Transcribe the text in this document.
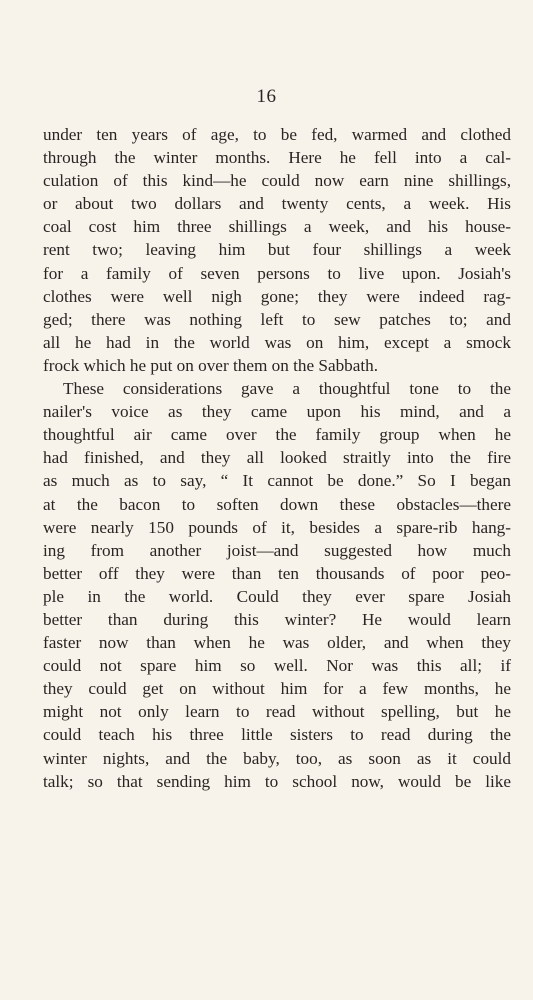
16
under ten years of age, to be fed, warmed and clothed
through the winter months. Here he fell into a cal-
culation of this kind—he could now earn nine shillings,
or about two dollars and twenty cents, a week. His
coal cost him three shillings a week, and his house-
rent two; leaving him but four shillings a week
for a family of seven persons to live upon. Josiah's
clothes were well nigh gone; they were indeed rag-
ged; there was nothing left to sew patches to; and
all he had in the world was on him, except a smock
frock which he put on over them on the Sabbath.
These considerations gave a thoughtful tone to the
nailer's voice as they came upon his mind, and a
thoughtful air came over the family group when he
had finished, and they all looked straitly into the fire
as much as to say, “ It cannot be done.” So I began
at the bacon to soften down these obstacles—there
were nearly 150 pounds of it, besides a spare-rib hang-
ing from another joist—and suggested how much
better off they were than ten thousands of poor peo-
ple in the world. Could they ever spare Josiah
better than during this winter? He would learn
faster now than when he was older, and when they
could not spare him so well. Nor was this all; if
they could get on without him for a few months, he
might not only learn to read without spelling, but he
could teach his three little sisters to read during the
winter nights, and the baby, too, as soon as it could
talk; so that sending him to school now, would be like
